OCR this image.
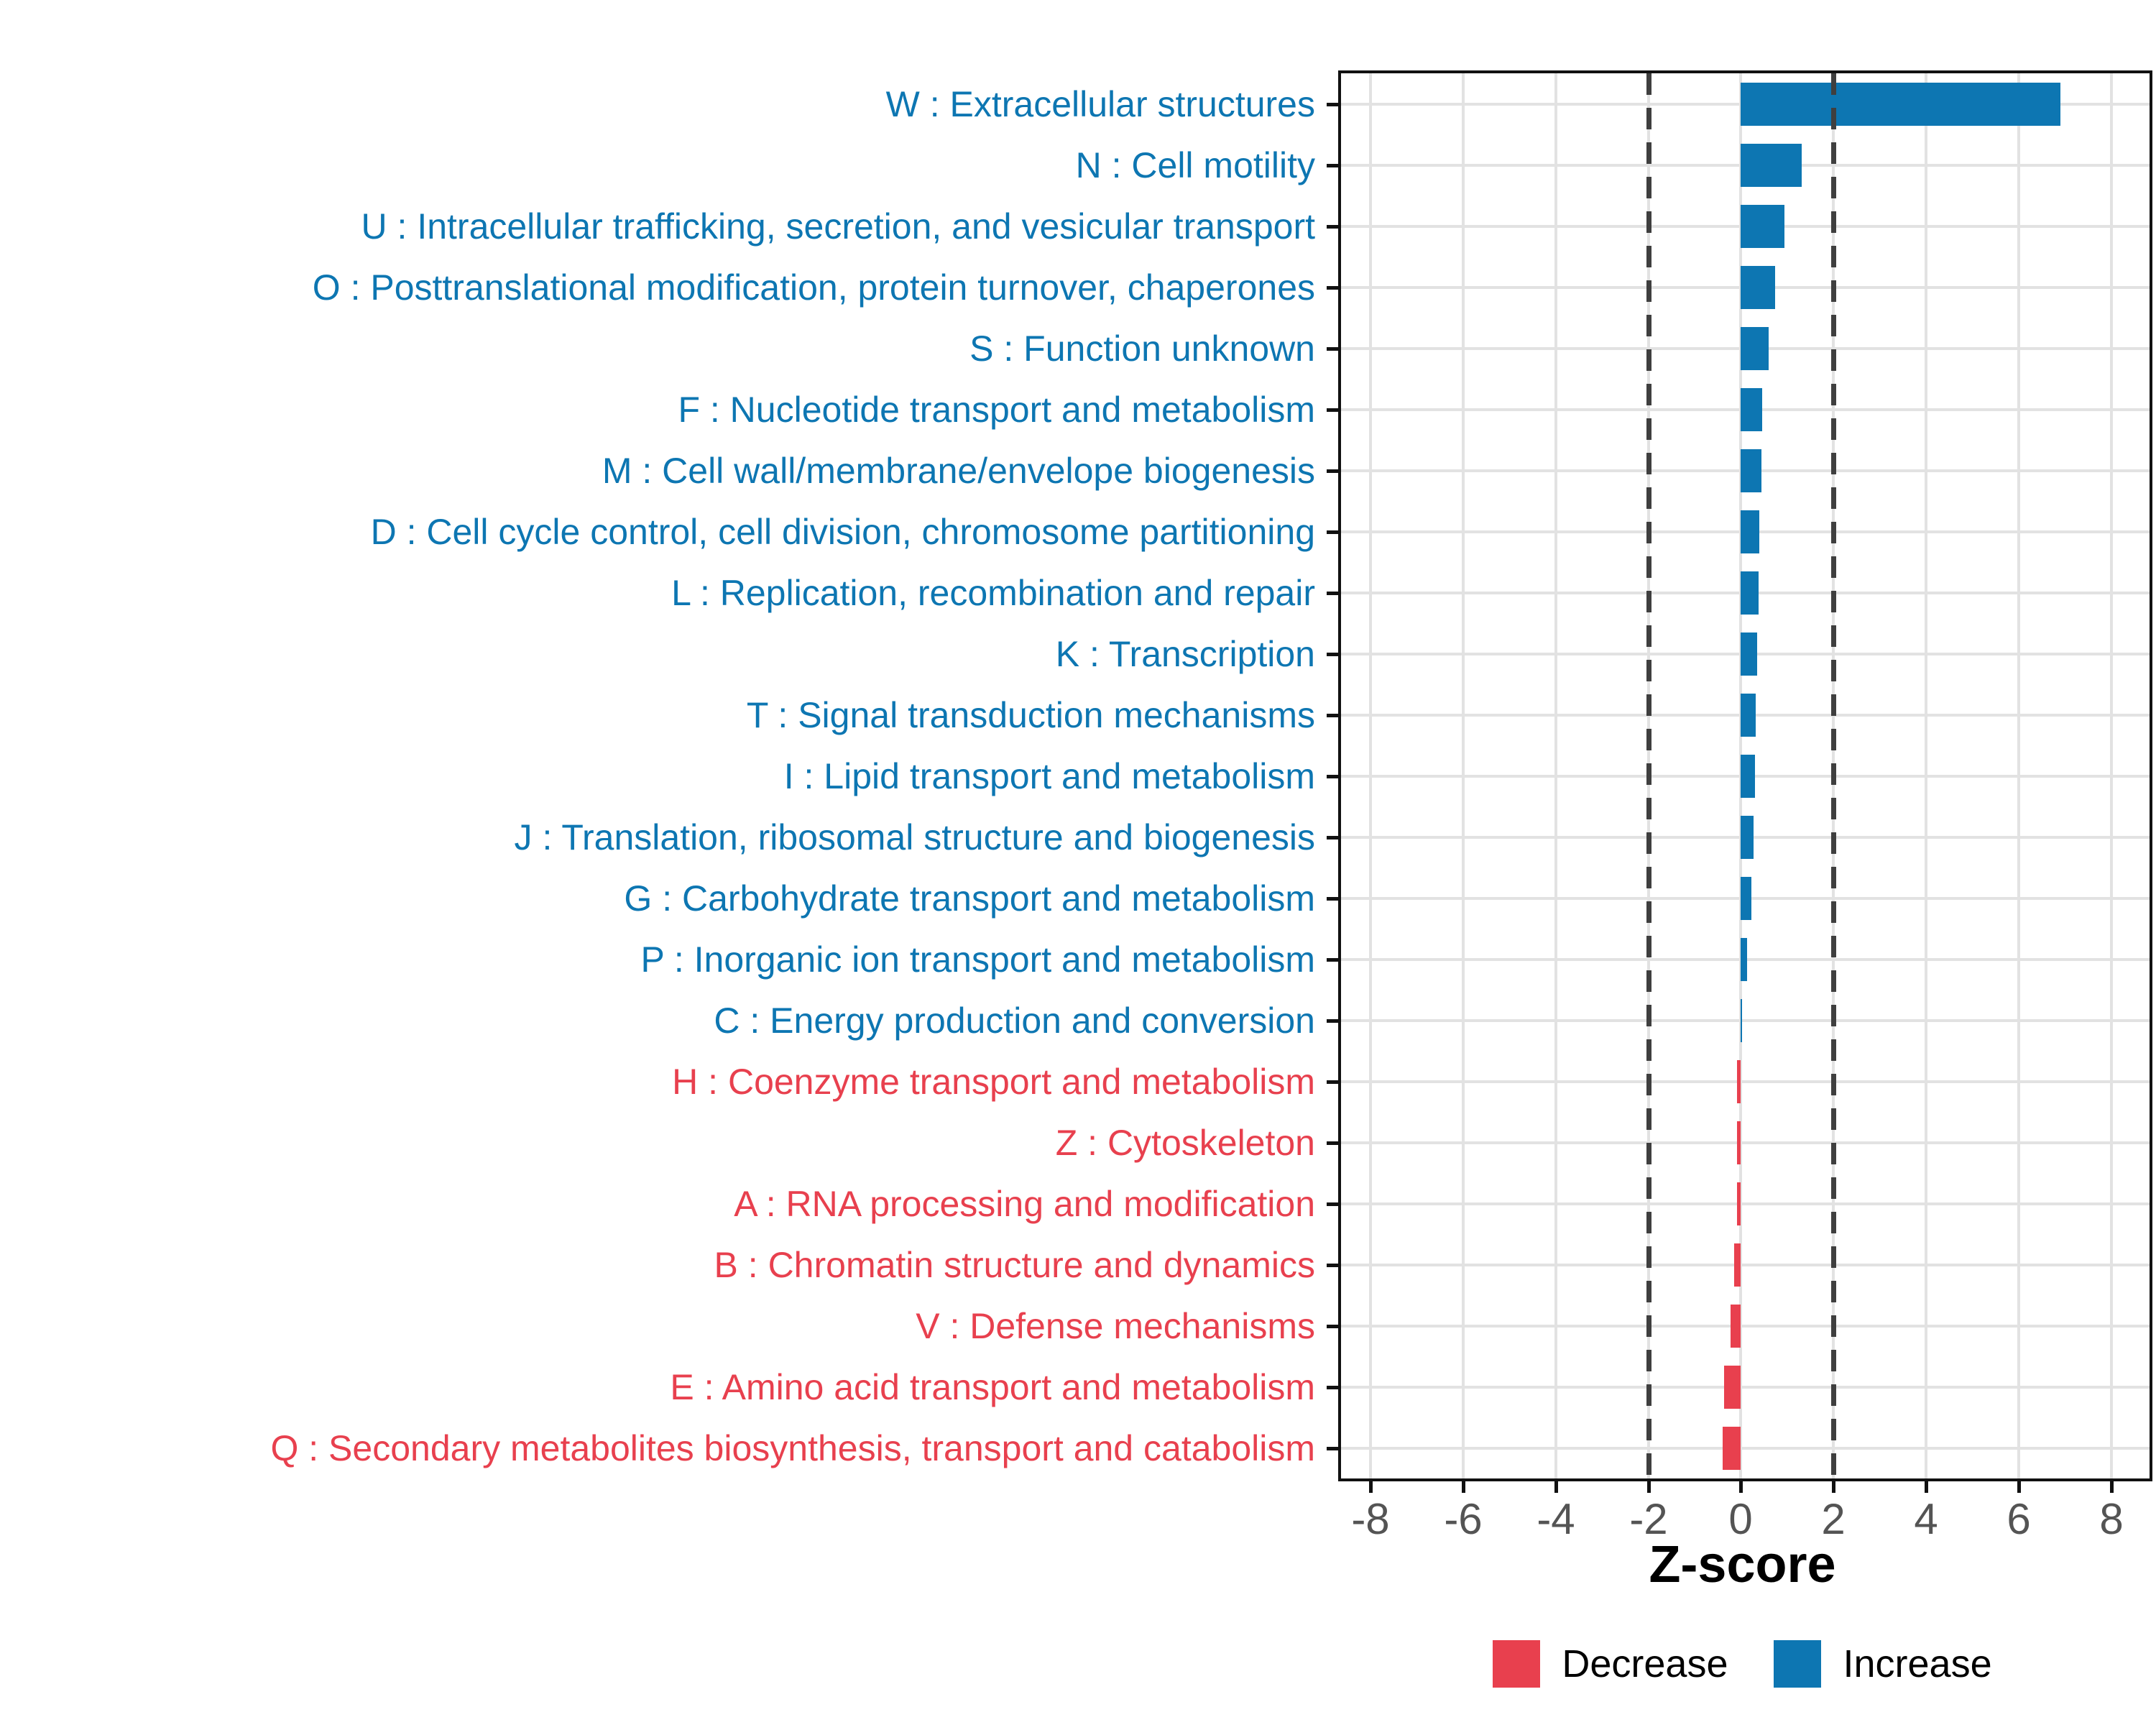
W : Extracellular structures
N : Cell motility
U : Intracellular trafficking, secretion, and vesicular transport
O : Posttranslational modification, protein turnover, chaperones
S : Function unknown
F : Nucleotide transport and metabolism
M : Cell wall/membrane/envelope biogenesis
D : Cell cycle control, cell division, chromosome partitioning
L : Replication, recombination and repair
K : Transcription
T : Signal transduction mechanisms
I : Lipid transport and metabolism
J : Translation, ribosomal structure and biogenesis
G : Carbohydrate transport and metabolism
P : Inorganic ion transport and metabolism
C : Energy production and conversion
H : Coenzyme transport and metabolism
Z : Cytoskeleton
A : RNA processing and modification
B : Chromatin structure and dynamics
V : Defense mechanisms
E : Amino acid transport and metabolism
Q : Secondary metabolites biosynthesis, transport and catabolism
-8	-6	-4	-2	0	2	4	6	8
Z-score
Decrease	Increase
